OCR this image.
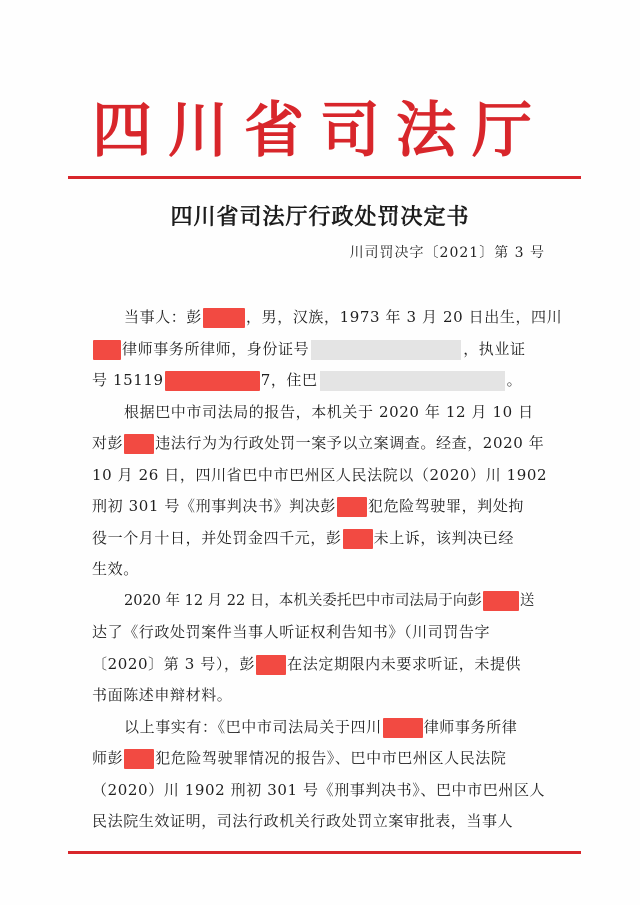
四川省司法厅
四川省司法厅行政处罚决定书
川司罚决字〔2021〕第 3 号
当事人：彭	，男，汉族，1973 年 3 月 20 日出生，四川
律师事务所律师，身份证号	，执业证
号 15119	7，住巴	。
根据巴中市司法局的报告，本机关于 2020 年 12 月 10 日
对彭 违法行为为行政处罚一案予以立案调查。经查，2020 年
10 月 26 日，四川省巴中市巴州区人民法院以（2020）川 1902
刑初 301 号《刑事判决书》判决彭 犯危险驾驶罪，判处拘
役一个月十日，并处罚金四千元，彭 未上诉，该判决已经
生效。
2020 年 12 月 22 日，本机关委托巴中市司法局于向彭	送
达了《行政处罚案件当事人听证权利告知书》（川司罚告字
〔2020〕第 3 号），彭 在法定期限内未要求听证，未提供
书面陈述申辩材料。
以上事实有：《巴中市司法局关于四川	律师事务所律
师彭 犯危险驾驶罪情况的报告》、巴中市巴州区人民法院
（2020）川 1902 刑初 301 号《刑事判决书》、巴中市巴州区人
民法院生效证明，司法行政机关行政处罚立案审批表，当事人
